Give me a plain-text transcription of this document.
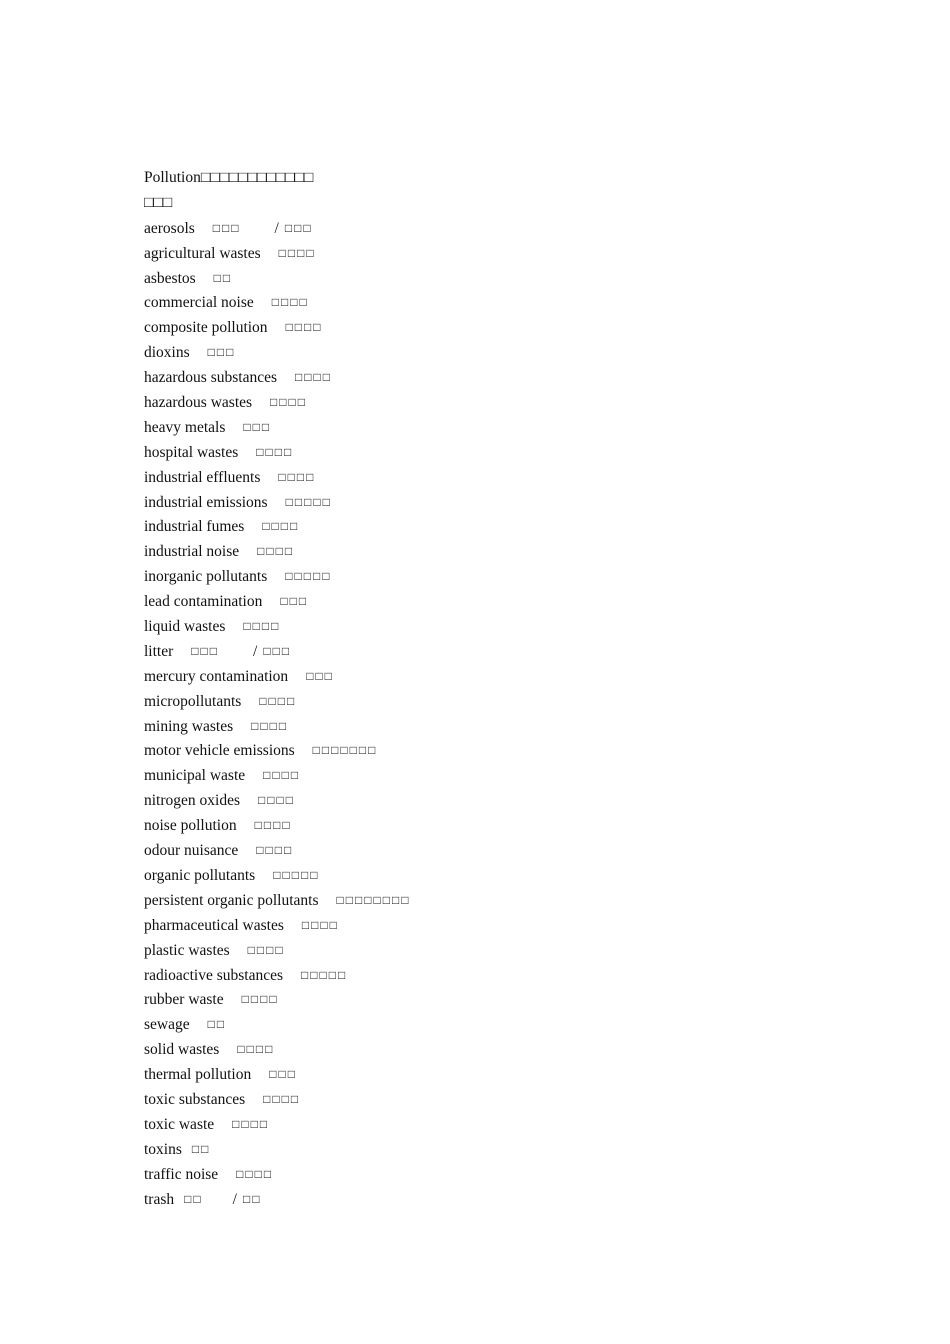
Pollution□□□□□□□□□□□□
□□□
aerosols □□□ / □□□
agricultural wastes □□□□
asbestos □□
commercial noise □□□□
composite pollution □□□□
dioxins □□□
hazardous substances □□□□
hazardous wastes □□□□
heavy metals □□□
hospital wastes □□□□
industrial effluents □□□□
industrial emissions □□□□□
industrial fumes □□□□
industrial noise □□□□
inorganic pollutants □□□□□
lead contamination □□□
liquid wastes □□□□
litter □□□ / □□□
mercury contamination □□□
micropollutants □□□□
mining wastes □□□□
motor vehicle emissions □□□□□□□
municipal waste □□□□
nitrogen oxides □□□□
noise pollution □□□□
odour nuisance □□□□
organic pollutants □□□□□
persistent organic pollutants □□□□□□□□
pharmaceutical wastes □□□□
plastic wastes □□□□
radioactive substances □□□□□
rubber waste □□□□
sewage □□
solid wastes □□□□
thermal pollution □□□
toxic substances □□□□
toxic waste □□□□
toxins □□
traffic noise □□□□
trash □□ / □□
